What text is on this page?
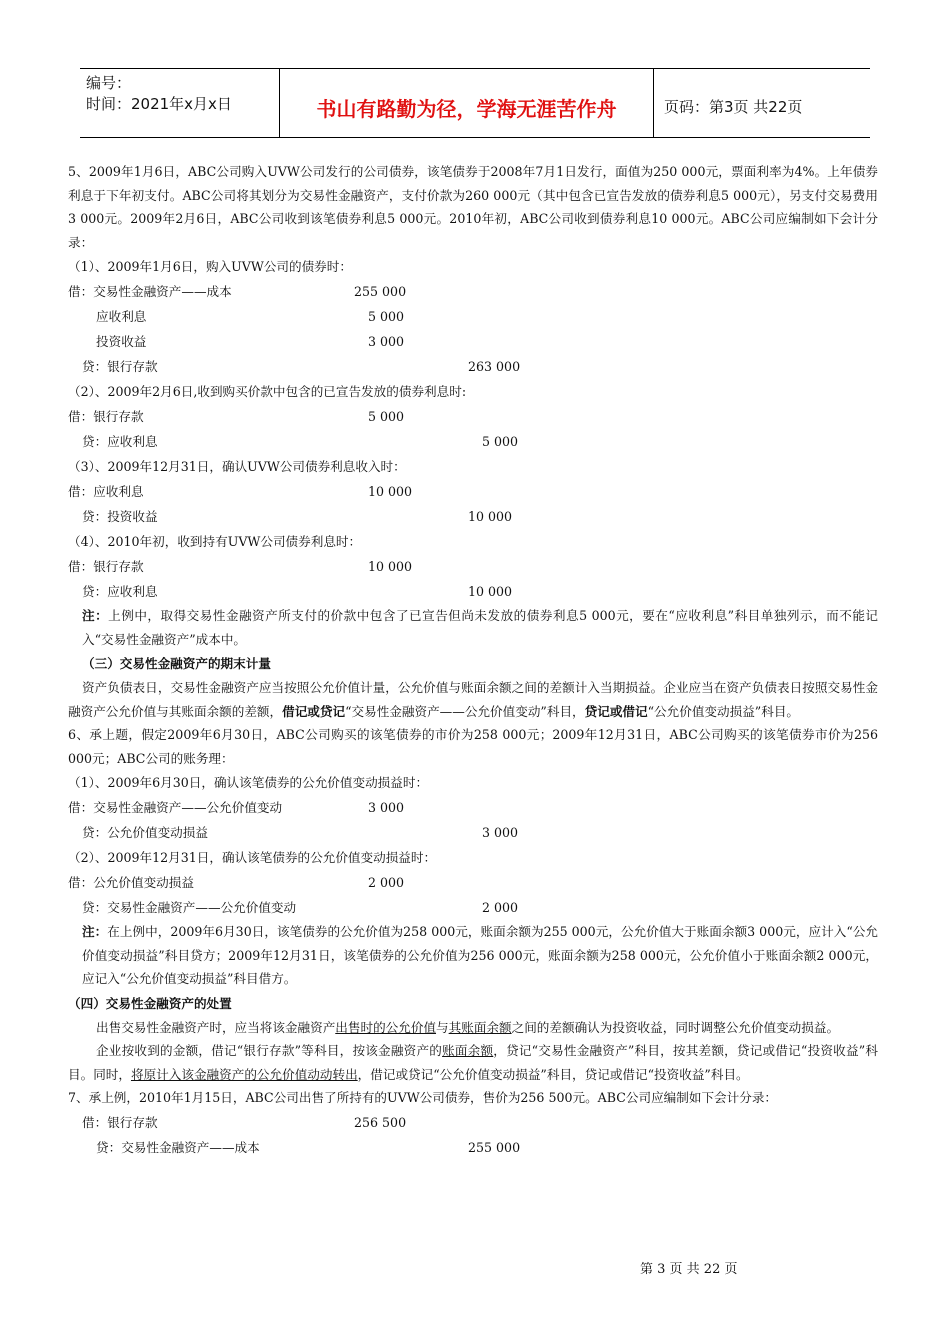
编号：
时间：2021年x月x日	书山有路勤为径，学海无涯苦作舟	页码：第3页 共22页
5、2009年1月6日，ABC公司购入UVW公司发行的公司债券，该笔债券于2008年7月1日发行，面值为250 000元，票面利率为4%。上年债券利息于下年初支付。ABC公司将其划分为交易性金融资产，支付价款为260 000元（其中包含已宣告发放的债券利息5 000元），另支付交易费用3 000元。2009年2月6日，ABC公司收到该笔债券利息5 000元。2010年初，ABC公司收到债券利息10 000元。ABC公司应编制如下会计分录：
（1）、2009年1月6日，购入UVW公司的债券时：
借：交易性金融资产——成本	255 000
应收利息	5 000
投资收益	3 000
贷：银行存款	263 000
（2）、2009年2月6日,收到购买价款中包含的已宣告发放的债券利息时:
借：银行存款	5 000
贷：应收利息	5 000
（3）、2009年12月31日，确认UVW公司债券利息收入时：
借：应收利息	10 000
贷：投资收益	10 000
（4）、2010年初，收到持有UVW公司债券利息时：
借：银行存款	10 000
贷：应收利息	10 000
注：上例中，取得交易性金融资产所支付的价款中包含了已宣告但尚未发放的债券利息5 000元，要在“应收利息”科目单独列示，而不能记入“交易性金融资产”成本中。
（三）交易性金融资产的期末计量
资产负债表日，交易性金融资产应当按照公允价值计量，公允价值与账面余额之间的差额计入当期损益。企业应当在资产负债表日按照交易性金融资产公允价值与其账面余额的差额，借记或贷记“交易性金融资产——公允价值变动”科目，贷记或借记“公允价值变动损益”科目。
6、承上题，假定2009年6月30日，ABC公司购买的该笔债券的市价为258 000元；2009年12月31日，ABC公司购买的该笔债券市价为256 000元；ABC公司的账务理：
（1）、2009年6月30日，确认该笔债券的公允价值变动损益时：
借：交易性金融资产——公允价值变动	3 000
贷：公允价值变动损益	3 000
（2）、2009年12月31日，确认该笔债券的公允价值变动损益时：
借：公允价值变动损益	2 000
贷：交易性金融资产——公允价值变动	2 000
注：在上例中，2009年6月30日，该笔债券的公允价值为258 000元，账面余额为255 000元，公允价值大于账面余额3 000元，应计入“公允价值变动损益”科目贷方；2009年12月31日，该笔债券的公允价值为256 000元，账面余额为258 000元，公允价值小于账面余额2 000元，应记入“公允价值变动损益”科目借方。
（四）交易性金融资产的处置
出售交易性金融资产时，应当将该金融资产出售时的公允价值与其账面余额之间的差额确认为投资收益，同时调整公允价值变动损益。
企业按收到的金额，借记“银行存款”等科目，按该金融资产的账面余额，贷记“交易性金融资产”科目，按其差额，贷记或借记“投资收益”科目。同时，将原计入该金融资产的公允价值动动转出，借记或贷记“公允价值变动损益”科目，贷记或借记“投资收益”科目。
7、承上例，2010年1月15日，ABC公司出售了所持有的UVW公司债券，售价为256 500元。ABC公司应编制如下会计分录：
借：银行存款	256 500
贷：交易性金融资产——成本	255 000
第 3 页 共 22 页
